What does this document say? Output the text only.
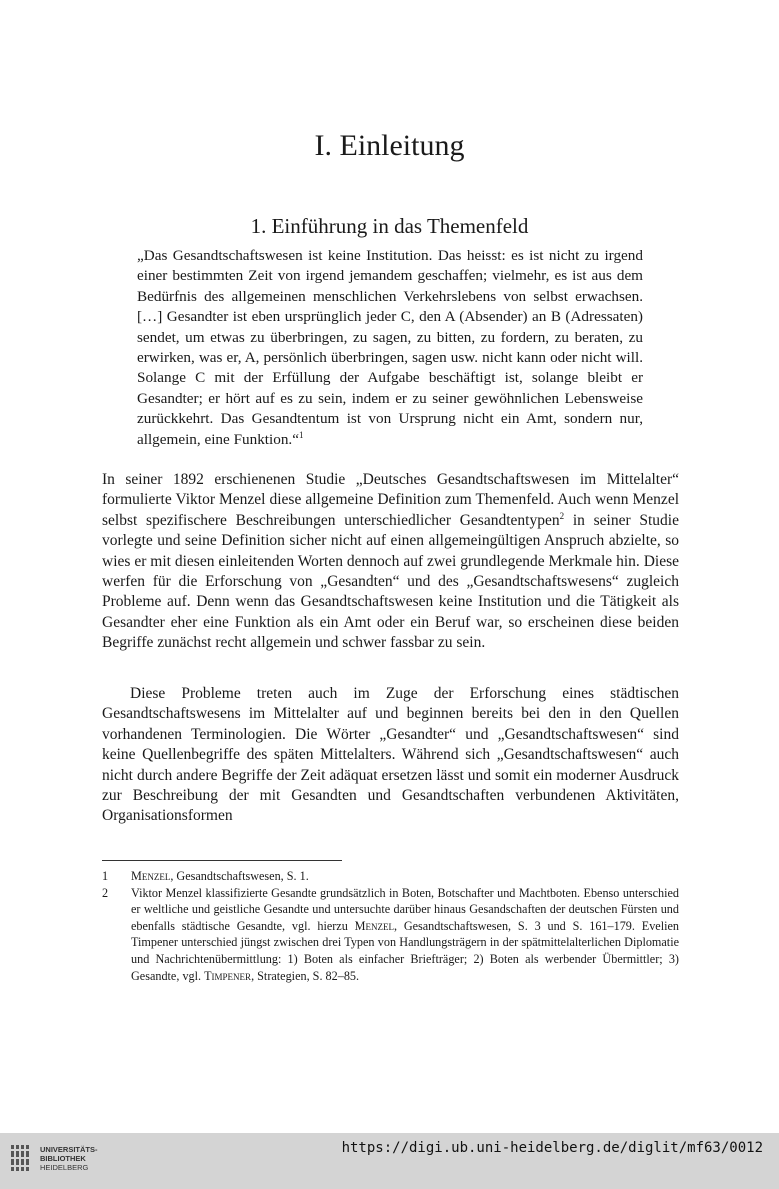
I. Einleitung
1. Einführung in das Themenfeld

„Das Gesandtschaftswesen ist keine Institution. Das heisst: es ist nicht zu irgend einer bestimmten Zeit von irgend jemandem geschaffen; vielmehr, es ist aus dem Bedürfnis des allgemeinen menschlichen Verkehrslebens von selbst erwachsen. […] Gesandter ist eben ursprünglich jeder C, den A (Absender) an B (Adressaten) sendet, um etwas zu überbringen, zu sagen, zu bitten, zu fordern, zu beraten, zu erwirken, was er, A, persönlich überbringen, sagen usw. nicht kann oder nicht will. Solange C mit der Erfüllung der Aufgabe beschäftigt ist, solange bleibt er Gesandter; er hört auf es zu sein, indem er zu seiner gewöhnlichen Lebensweise zurückkehrt. Das Gesandtentum ist von Ursprung nicht ein Amt, sondern nur, allgemein, eine Funktion.“$^1$

In seiner 1892 erschienenen Studie „Deutsches Gesandtschaftswesen im Mittelalter“ formulierte Viktor Menzel diese allgemeine Definition zum Themenfeld. Auch wenn Menzel selbst spezifischere Beschreibungen unterschiedlicher Gesandtentypen$^2$ in seiner Studie vorlegte und seine Definition sicher nicht auf einen allgemeingültigen Anspruch abzielte, so wies er mit diesen einleitenden Worten dennoch auf zwei grundlegende Merkmale hin. Diese werfen für die Erforschung von „Gesandten“ und des „Gesandtschaftswesens“ zugleich Probleme auf. Denn wenn das Gesandtschaftswesen keine Institution und die Tätigkeit als Gesandter eher eine Funktion als ein Amt oder ein Beruf war, so erscheinen diese beiden Begriffe zunächst recht allgemein und schwer fassbar zu sein.

Diese Probleme treten auch im Zuge der Erforschung eines städtischen Gesandtschaftswesens im Mittelalter auf und beginnen bereits bei den in den Quellen vorhandenen Terminologien. Die Wörter „Gesandter“ und „Gesandtschaftswesen“ sind keine Quellenbegriffe des späten Mittelalters. Während sich „Gesandtschaftswesen“ auch nicht durch andere Begriffe der Zeit adäquat ersetzen lässt und somit ein moderner Ausdruck zur Beschreibung der mit Gesandten und Gesandtschaften verbundenen Aktivitäten, Organisationsformen

1	Menzel, Gesandtschaftswesen, S. 1.
2	Viktor Menzel klassifizierte Gesandte grundsätzlich in Boten, Botschafter und Machtboten. Ebenso unterschied er weltliche und geistliche Gesandte und untersuchte darüber hinaus Gesandschaften der deutschen Fürsten und ebenfalls städtische Gesandte, vgl. hierzu Menzel, Gesandtschaftswesen, S. 3 und S. 161–179. Evelien Timpener unterschied jüngst zwischen drei Typen von Handlungsträgern in der spätmittelalterlichen Diplomatie und Nachrichtenübermittlung: 1) Boten als einfacher Briefträger; 2) Boten als werbender Übermittler; 3) Gesandte, vgl. Timpener, Strategien, S. 82–85.
UNIVERSITÄTS-
BIBLIOTHEK
HEIDELBERG
https://digi.ub.uni-heidelberg.de/diglit/mf63/0012
